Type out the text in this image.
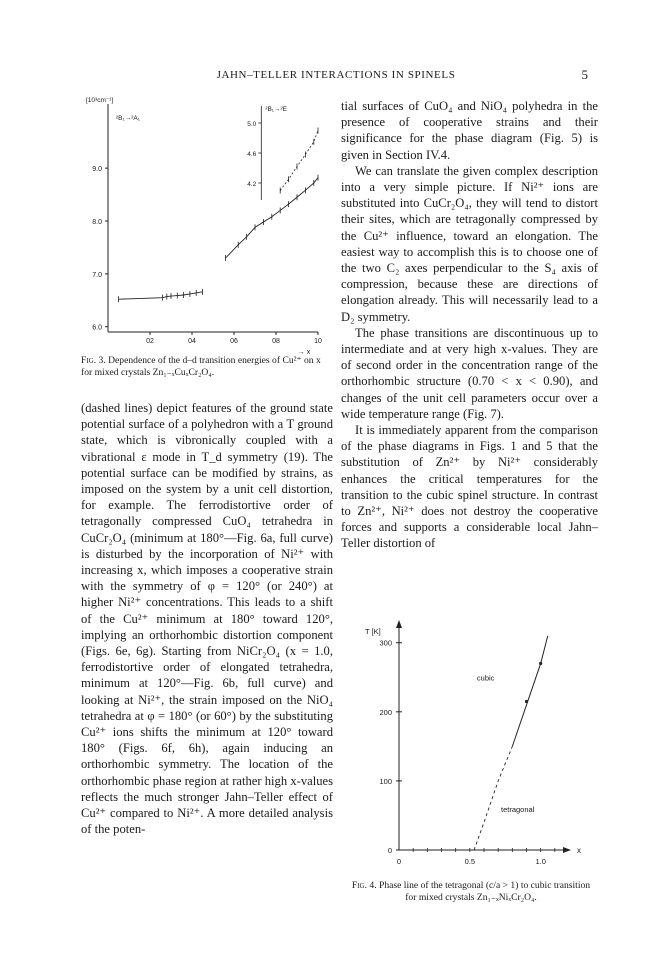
JAHN–TELLER INTERACTIONS IN SPINELS	5
[10³cm⁻¹]
6.0
7.0
8.0
9.0
02	04	06	08	10
→ x
5.0
4.6
4.2
²B₁→²A₁
²B₁→²E
Fig. 3. Dependence of the d–d transition energies of Cu²⁺ on x for mixed crystals Zn₁₋ₓCuₓCr₂O₄.

tial surfaces of CuO₄ and NiO₄ polyhedra in the presence of cooperative strains and their significance for the phase diagram (Fig. 5) is given in Section IV.4.

We can translate the given complex description into a very simple picture. If Ni²⁺ ions are substituted into CuCr₂O₄, they will tend to distort their sites, which are tetragonally compressed by the Cu²⁺ influence, toward an elongation. The easiest way to accomplish this is to choose one of the two C₂ axes perpendicular to the S₄ axis of compression, because these are directions of elongation already. This will necessarily lead to a D₂ symmetry.

The phase transitions are discontinuous up to intermediate and at very high x-values. They are of second order in the concentration range of the orthorhombic structure (0.70 < x < 0.90), and changes of the unit cell parameters occur over a wide temperature range (Fig. 7).

It is immediately apparent from the comparison of the phase diagrams in Figs. 1 and 5 that the substitution of Zn²⁺ by Ni²⁺ considerably enhances the critical temperatures for the transition to the cubic spinel structure. In contrast to Zn²⁺, Ni²⁺ does not destroy the cooperative forces and supports a considerable local Jahn–Teller distortion of

(dashed lines) depict features of the ground state potential surface of a polyhedron with a T ground state, which is vibronically coupled with a vibrational ε mode in T_d symmetry (19). The potential surface can be modified by strains, as imposed on the system by a unit cell distortion, for example. The ferrodistortive order of tetragonally compressed CuO₄ tetrahedra in CuCr₂O₄ (minimum at 180°—Fig. 6a, full curve) is disturbed by the incorporation of Ni²⁺ with increasing x, which imposes a cooperative strain with the symmetry of φ = 120° (or 240°) at higher Ni²⁺ concentrations. This leads to a shift of the Cu²⁺ minimum at 180° toward 120°, implying an orthorhombic distortion component (Figs. 6e, 6g). Starting from NiCr₂O₄ (x = 1.0, ferrodistortive order of elongated tetrahedra, minimum at 120°—Fig. 6b, full curve) and looking at Ni²⁺, the strain imposed on the NiO₄ tetrahedra at φ = 180° (or 60°) by the substituting Cu²⁺ ions shifts the minimum at 120° toward 180° (Figs. 6f, 6h), again inducing an orthorhombic symmetry. The location of the orthorhombic phase region at rather high x-values reflects the much stronger Jahn–Teller effect of Cu²⁺ compared to Ni²⁺. A more detailed analysis of the poten-

T [K]
x
0
100
200
300
0	0.5	1.0
cubic
tetragonal
Fig. 4. Phase line of the tetragonal (c/a > 1) to cubic transition for mixed crystals Zn₁₋ₓNiₓCr₂O₄.
